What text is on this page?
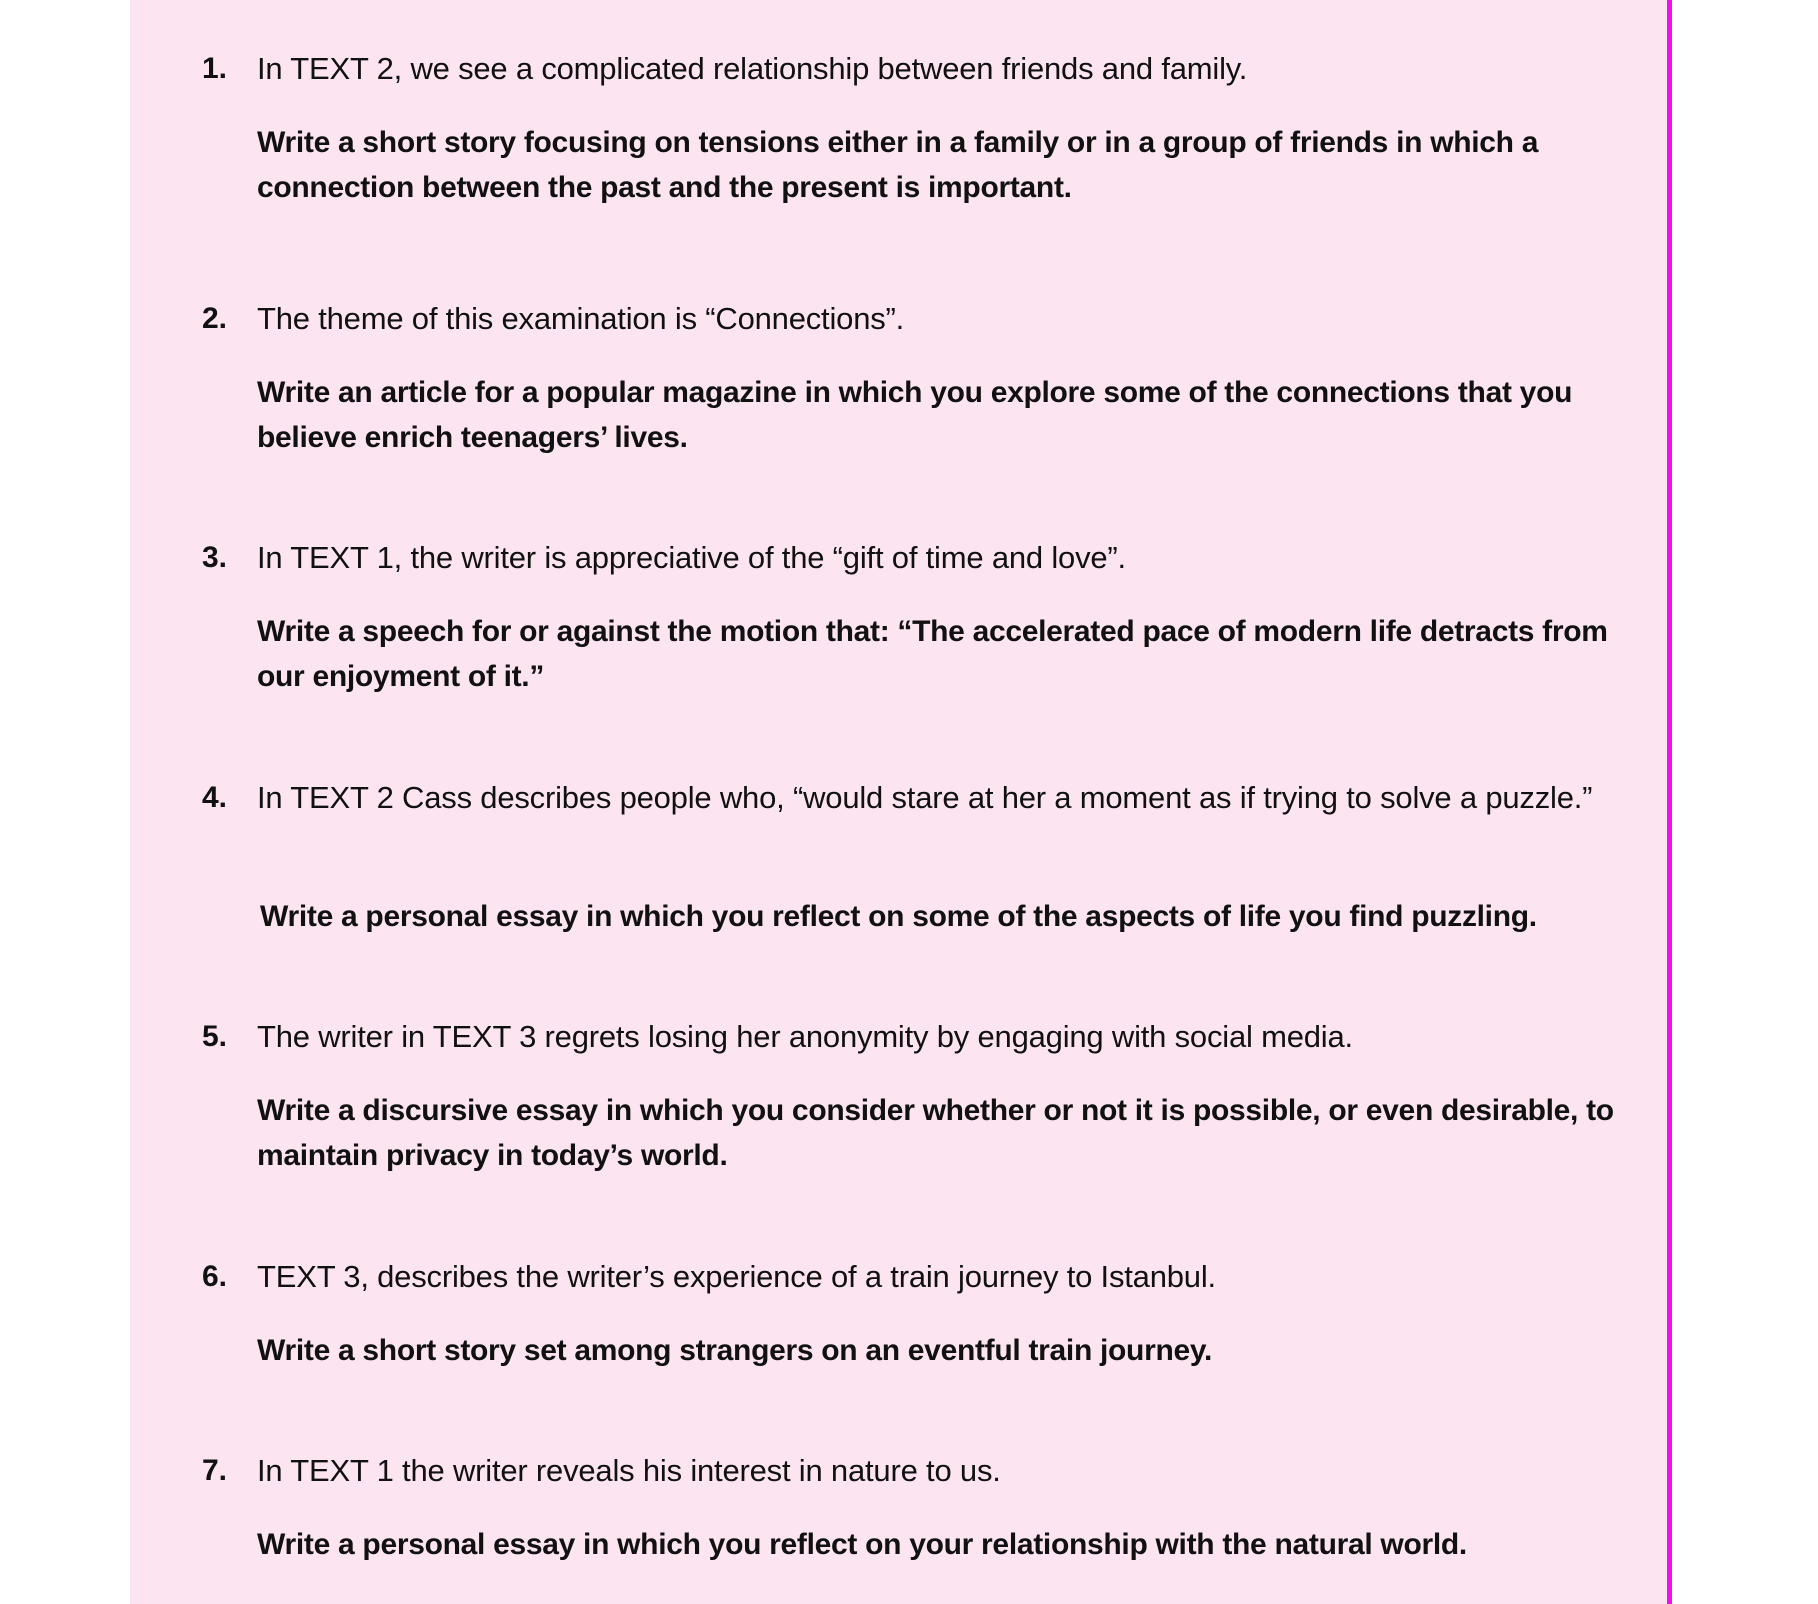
1. In TEXT 2, we see a complicated relationship between friends and family.
Write a short story focusing on tensions either in a family or in a group of friends in which a connection between the past and the present is important.
2. The theme of this examination is “Connections”.
Write an article for a popular magazine in which you explore some of the connections that you believe enrich teenagers’ lives.
3. In TEXT 1, the writer is appreciative of the “gift of time and love”.
Write a speech for or against the motion that: “The accelerated pace of modern life detracts from our enjoyment of it.”
4. In TEXT 2 Cass describes people who, “would stare at her a moment as if trying to solve a puzzle.”
Write a personal essay in which you reflect on some of the aspects of life you find puzzling.
5. The writer in TEXT 3 regrets losing her anonymity by engaging with social media.
Write a discursive essay in which you consider whether or not it is possible, or even desirable, to maintain privacy in today’s world.
6. TEXT 3, describes the writer’s experience of a train journey to Istanbul.
Write a short story set among strangers on an eventful train journey.
7. In TEXT 1 the writer reveals his interest in nature to us.
Write a personal essay in which you reflect on your relationship with the natural world.
